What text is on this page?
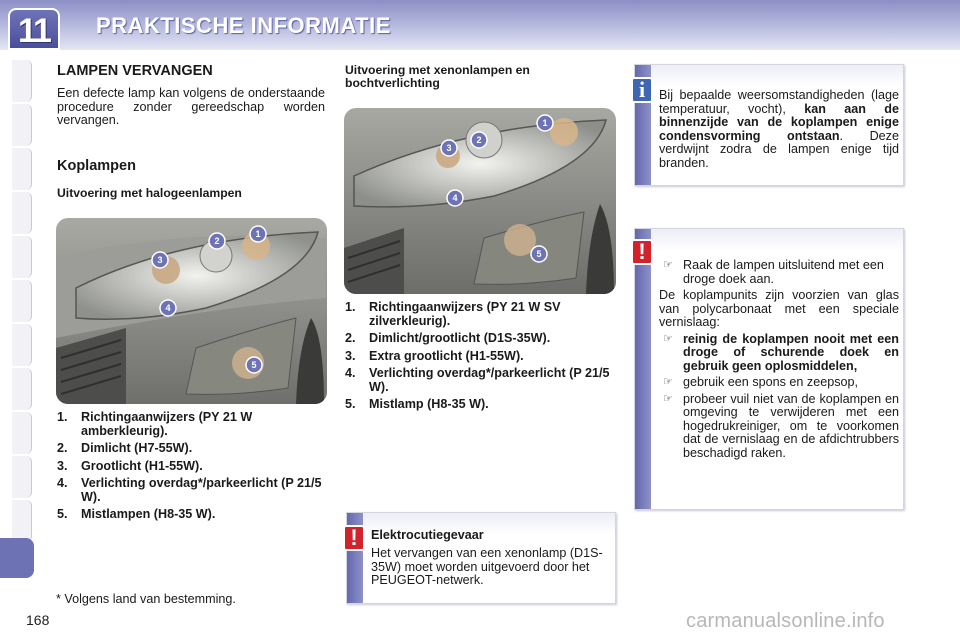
11	PRAKTISCHE INFORMATIE
LAMPEN VERVANGEN
Een defecte lamp kan volgens de onderstaande procedure zonder gereedschap worden vervangen.
Koplampen
Uitvoering met halogeenlampen
1
2
3
4
5
1.	Richtingaanwijzers (PY 21 W amberkleurig).
2.	Dimlicht (H7-55W).
3.	Grootlicht (H1-55W).
4.	Verlichting overdag*/parkeerlicht (P 21/5 W).
5.	Mistlampen (H8-35 W).
* Volgens land van bestemming.
168
Uitvoering met xenonlampen en bochtverlichting
1
2
3
4
5
1.	Richtingaanwijzers (PY 21 W SV zilverkleurig).
2.	Dimlicht/grootlicht (D1S-35W).
3.	Extra grootlicht (H1-55W).
4.	Verlichting overdag*/parkeerlicht (P 21/5 W).
5.	Mistlamp (H8-35 W).
!	Elektrocutiegevaar
Het vervangen van een xenonlamp (D1S-35W) moet worden uitgevoerd door het PEUGEOT-netwerk.
i	Bij bepaalde weersomstandigheden (lage temperatuur, vocht), kan aan de binnenzijde van de koplampen enige condensvorming ontstaan. Deze verdwijnt zodra de lampen enige tijd branden.
!
☞ Raak de lampen uitsluitend met een droge doek aan.
De koplampunits zijn voorzien van glas van polycarbonaat met een speciale vernislaag:
☞ reinig de koplampen nooit met een droge of schurende doek en gebruik geen oplosmiddelen,
☞ gebruik een spons en zeepsop,
☞ probeer vuil niet van de koplampen en omgeving te verwijderen met een hogedrukreiniger, om te voorkomen dat de vernislaag en de afdichtrubbers beschadigd raken.
carmanualsonline.info
